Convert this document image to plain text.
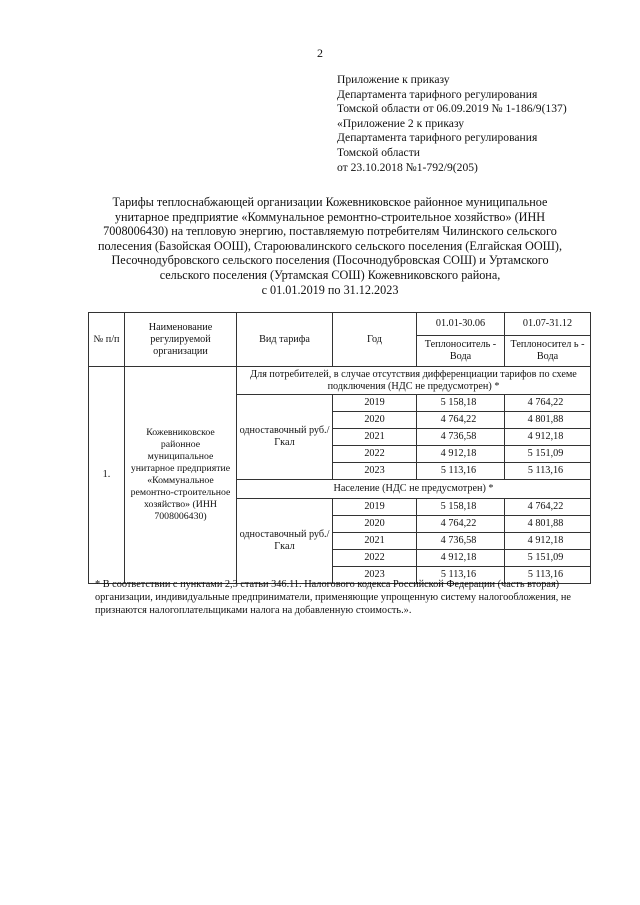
2
Приложение к приказу
Департамента тарифного регулирования
Томской области от 06.09.2019 № 1-186/9(137)
«Приложение 2 к приказу
Департамента тарифного регулирования
Томской области
от 23.10.2018 №1-792/9(205)
Тарифы теплоснабжающей организации Кожевниковское районное муниципальное
унитарное предприятие «Коммунальное ремонтно-строительное хозяйство» (ИНН
7008006430) на тепловую энергию, поставляемую потребителям Чилинского сельского
полесения (Базойская ООШ), Староювалинского сельского поселения (Елгайская ООШ),
Песочнодубровского сельского поселения (Посочнодубровская СОШ) и Уртамского
сельского поселения (Уртамская СОШ) Кожевниковского района,
с 01.01.2019 по 31.12.2023
№ п/п	Наименование регулируемой организации	Вид тарифа	Год	01.01-30.06	01.07-31.12
				Теплоноситель - Вода	Теплоносител ь - Вода
1.	Кожевниковское районное муниципальное унитарное предприятие «Коммунальное ремонтно-строительное хозяйство» (ИНН 7008006430)	Для потребителей, в случае отсутствия дифференциации тарифов по схеме подключения (НДС не предусмотрен) *			
		одноставочный руб./Гкал	2019	5 158,18	4 764,22
			2020	4 764,22	4 801,88
			2021	4 736,58	4 912,18
			2022	4 912,18	5 151,09
			2023	5 113,16	5 113,16
		Население (НДС не предусмотрен) *			
		одноставочный руб./Гкал	2019	5 158,18	4 764,22
			2020	4 764,22	4 801,88
			2021	4 736,58	4 912,18
			2022	4 912,18	5 151,09
			2023	5 113,16	5 113,16
* В соответствии с пунктами 2,3 статьи 346.11. Налогового кодекса Российской Федерации (часть вторая) организации, индивидуальные предприниматели, применяющие упрощенную систему налогообложения, не признаются налогоплательщиками налога на добавленную стоимость.».
